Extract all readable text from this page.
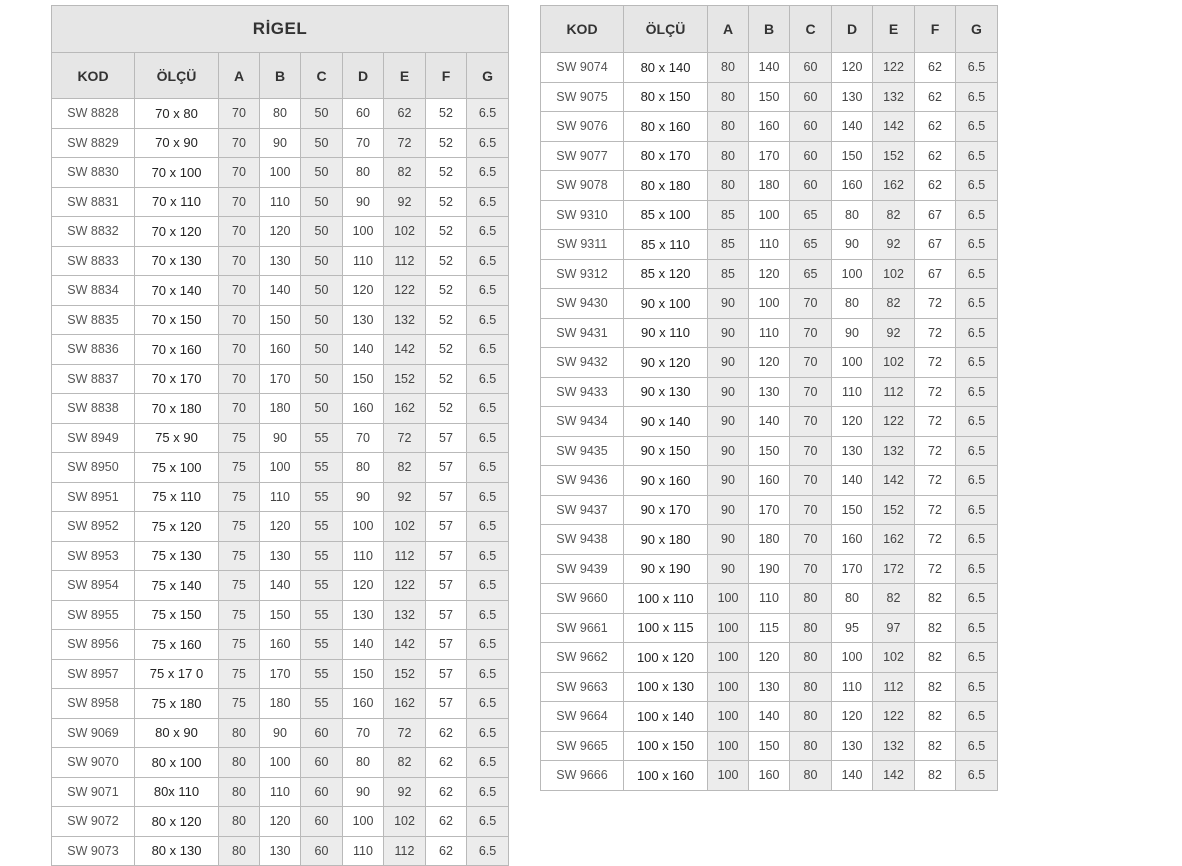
RİGEL								
KOD	ÖLÇÜ	A	B	C	D	E	F	G
SW 8828	70 x 80	70	80	50	60	62	52	6.5
SW 8829	70 x 90	70	90	50	70	72	52	6.5
SW 8830	70 x 100	70	100	50	80	82	52	6.5
SW 8831	70 x 110	70	110	50	90	92	52	6.5
SW 8832	70 x 120	70	120	50	100	102	52	6.5
SW 8833	70 x 130	70	130	50	110	112	52	6.5
SW 8834	70 x 140	70	140	50	120	122	52	6.5
SW 8835	70 x 150	70	150	50	130	132	52	6.5
SW 8836	70 x 160	70	160	50	140	142	52	6.5
SW 8837	70 x 170	70	170	50	150	152	52	6.5
SW 8838	70 x 180	70	180	50	160	162	52	6.5
SW 8949	75 x 90	75	90	55	70	72	57	6.5
SW 8950	75 x 100	75	100	55	80	82	57	6.5
SW 8951	75 x 110	75	110	55	90	92	57	6.5
SW 8952	75 x 120	75	120	55	100	102	57	6.5
SW 8953	75 x 130	75	130	55	110	112	57	6.5
SW 8954	75 x 140	75	140	55	120	122	57	6.5
SW 8955	75 x 150	75	150	55	130	132	57	6.5
SW 8956	75 x 160	75	160	55	140	142	57	6.5
SW 8957	75 x 17 0	75	170	55	150	152	57	6.5
SW 8958	75 x 180	75	180	55	160	162	57	6.5
SW 9069	80 x 90	80	90	60	70	72	62	6.5
SW 9070	80 x 100	80	100	60	80	82	62	6.5
SW 9071	80x 110	80	110	60	90	92	62	6.5
SW 9072	80 x 120	80	120	60	100	102	62	6.5
SW 9073	80 x 130	80	130	60	110	112	62	6.5
KOD	ÖLÇÜ	A	B	C	D	E	F	G
SW 9074	80 x 140	80	140	60	120	122	62	6.5
SW 9075	80 x 150	80	150	60	130	132	62	6.5
SW 9076	80 x 160	80	160	60	140	142	62	6.5
SW 9077	80 x 170	80	170	60	150	152	62	6.5
SW 9078	80 x 180	80	180	60	160	162	62	6.5
SW 9310	85 x 100	85	100	65	80	82	67	6.5
SW 9311	85 x 110	85	110	65	90	92	67	6.5
SW 9312	85 x 120	85	120	65	100	102	67	6.5
SW 9430	90 x 100	90	100	70	80	82	72	6.5
SW 9431	90 x 110	90	110	70	90	92	72	6.5
SW 9432	90 x 120	90	120	70	100	102	72	6.5
SW 9433	90 x 130	90	130	70	110	112	72	6.5
SW 9434	90 x 140	90	140	70	120	122	72	6.5
SW 9435	90 x 150	90	150	70	130	132	72	6.5
SW 9436	90 x 160	90	160	70	140	142	72	6.5
SW 9437	90 x 170	90	170	70	150	152	72	6.5
SW 9438	90 x 180	90	180	70	160	162	72	6.5
SW 9439	90 x 190	90	190	70	170	172	72	6.5
SW 9660	100 x 110	100	110	80	80	82	82	6.5
SW 9661	100 x 115	100	115	80	95	97	82	6.5
SW 9662	100 x 120	100	120	80	100	102	82	6.5
SW 9663	100 x 130	100	130	80	110	112	82	6.5
SW 9664	100 x 140	100	140	80	120	122	82	6.5
SW 9665	100 x 150	100	150	80	130	132	82	6.5
SW 9666	100 x 160	100	160	80	140	142	82	6.5
